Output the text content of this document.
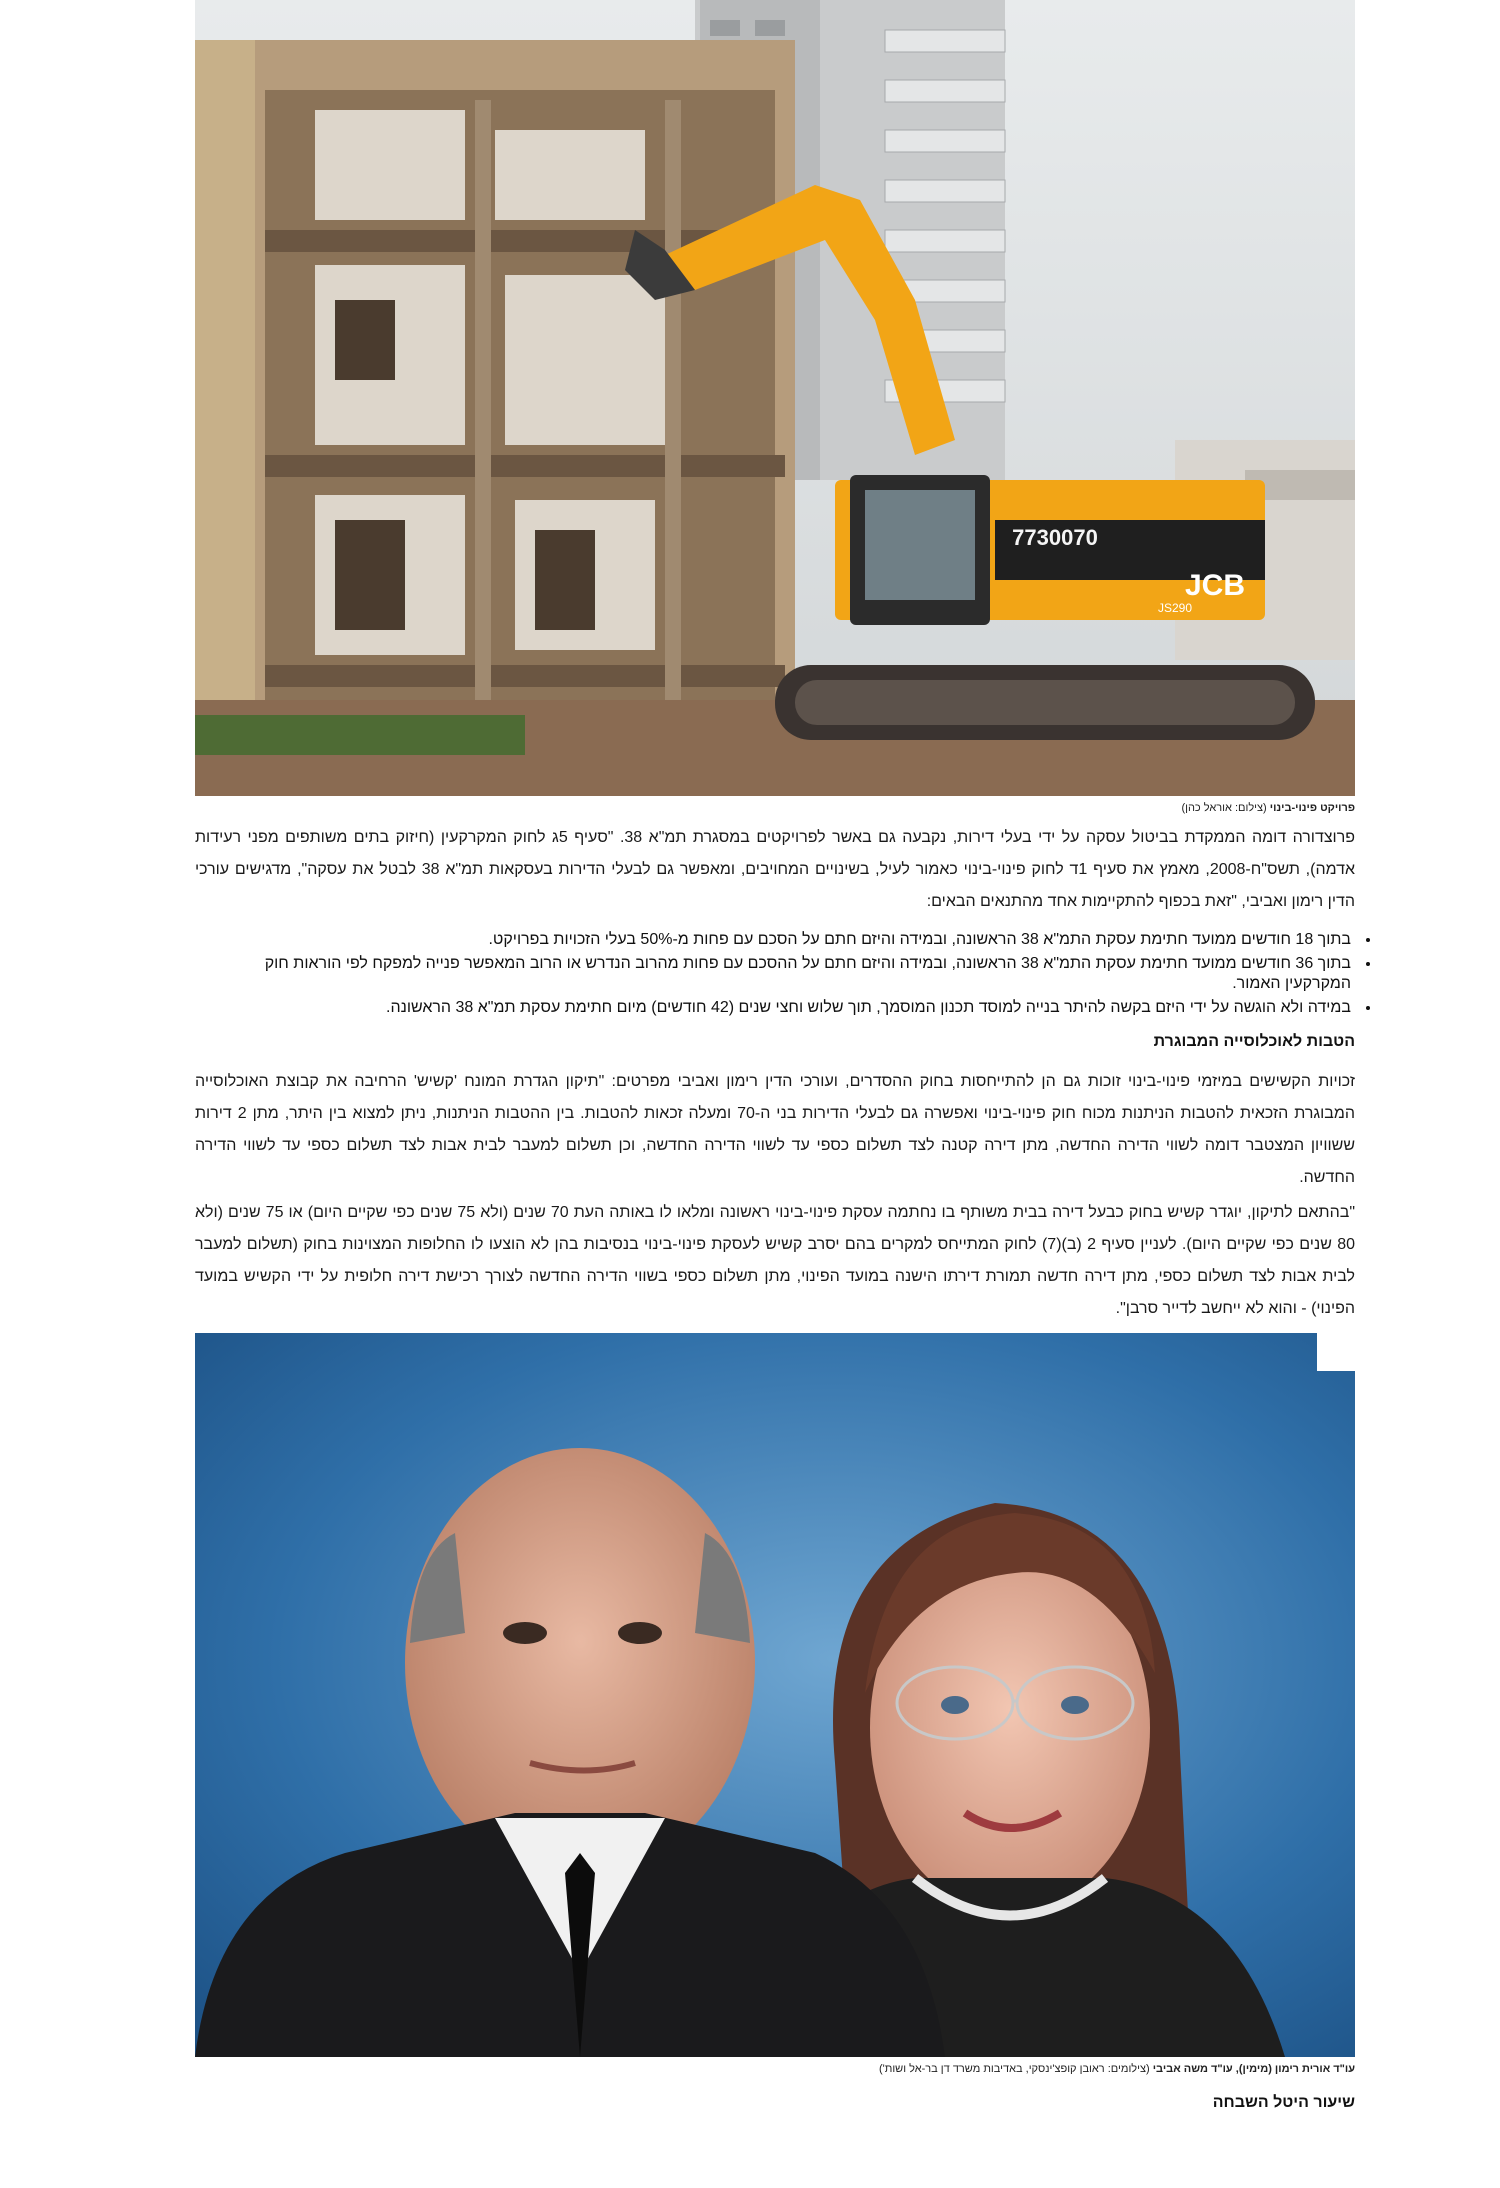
7730070
JCB
JS290
פרויקט פינוי-בינוי (צילום: אוראל כהן)
פרוצדורה דומה הממקדת בביטול עסקה על ידי בעלי דירות, נקבעה גם באשר לפרויקטים במסגרת תמ"א 38. "סעיף 5ג לחוק המקרקעין (חיזוק בתים משותפים מפני רעידות אדמה), תשס"ח-2008, מאמץ את סעיף 1ד לחוק פינוי-בינוי כאמור לעיל, בשינויים המחויבים, ומאפשר גם לבעלי הדירות בעסקאות תמ"א 38 לבטל את עסקה", מדגישים עורכי הדין רימון ואביבי, "זאת בכפוף להתקיימות אחד מהתנאים הבאים:
• בתוך 18 חודשים ממועד חתימת עסקת התמ"א 38 הראשונה, ובמידה והיזם חתם על הסכם עם פחות מ-50% בעלי הזכויות בפרויקט.
• בתוך 36 חודשים ממועד חתימת עסקת התמ"א 38 הראשונה, ובמידה והיזם חתם על ההסכם עם פחות מהרוב הנדרש או הרוב המאפשר פנייה למפקח לפי הוראות חוק המקרקעין האמור.
• במידה ולא הוגשה על ידי היזם בקשה להיתר בנייה למוסד תכנון המוסמך, תוך שלוש וחצי שנים (42 חודשים) מיום חתימת עסקת תמ"א 38 הראשונה.
הטבות לאוכלוסייה המבוגרת
זכויות הקשישים במיזמי פינוי-בינוי זוכות גם הן להתייחסות בחוק ההסדרים, ועורכי הדין רימון ואביבי מפרטים: "תיקון הגדרת המונח 'קשיש' הרחיבה את קבוצת האוכלוסייה המבוגרת הזכאית להטבות הניתנות מכוח חוק פינוי-בינוי ואפשרה גם לבעלי הדירות בני ה-70 ומעלה זכאות להטבות. בין ההטבות הניתנות, ניתן למצוא בין היתר, מתן 2 דירות ששוויון המצטבר דומה לשווי הדירה החדשה, מתן דירה קטנה לצד תשלום כספי עד לשווי הדירה החדשה, וכן תשלום למעבר לבית אבות לצד תשלום כספי עד לשווי הדירה החדשה.
"בהתאם לתיקון, יוגדר קשיש בחוק כבעל דירה בבית משותף בו נחתמה עסקת פינוי-בינוי ראשונה ומלאו לו באותה העת 70 שנים (ולא 75 שנים כפי שקיים היום) או 75 שנים (ולא 80 שנים כפי שקיים היום). לעניין סעיף 2 (ב)(7) לחוק המתייחס למקרים בהם יסרב קשיש לעסקת פינוי-בינוי בנסיבות בהן לא הוצעו לו החלופות המצוינות בחוק (תשלום למעבר לבית אבות לצד תשלום כספי, מתן דירה חדשה תמורת דירתו הישנה במועד הפינוי, מתן תשלום כספי בשווי הדירה החדשה לצורך רכישת דירה חלופית על ידי הקשיש במועד הפינוי) - והוא לא ייחשב לדייר סרבן".
עו"ד אורית רימון (מימין), עו"ד משה אביבי (צילומים: ראובן קופצ'ינסקי, באדיבות משרד דן בר-אל ושות')
שיעור היטל השבחה
